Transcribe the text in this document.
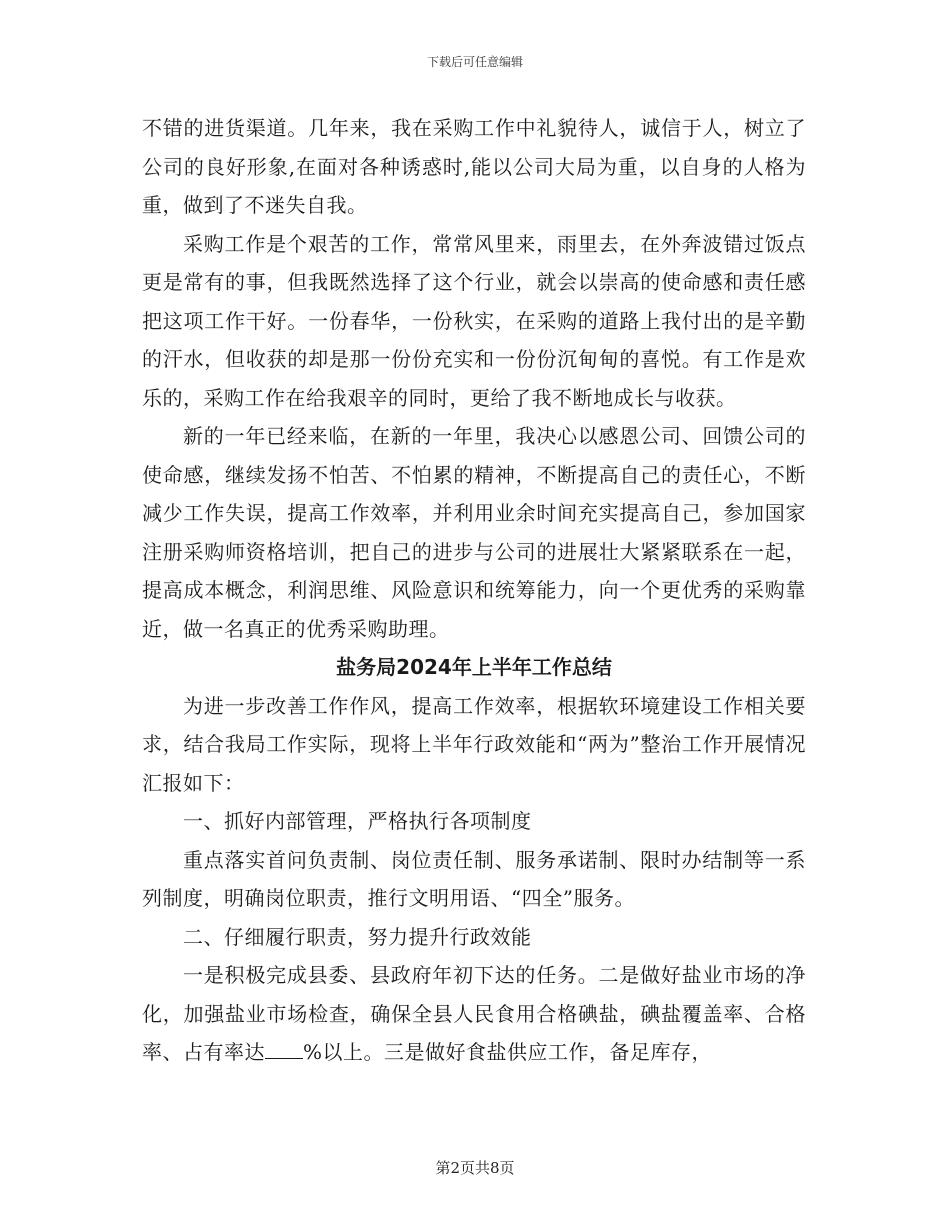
下载后可任意编辑

不错的进货渠道。几年来，我在采购工作中礼貌待人，诚信于人，树立了公司的良好形象,在面对各种诱惑时,能以公司大局为重，以自身的人格为重，做到了不迷失自我。

采购工作是个艰苦的工作，常常风里来，雨里去，在外奔波错过饭点更是常有的事，但我既然选择了这个行业，就会以崇高的使命感和责任感把这项工作干好。一份春华，一份秋实，在采购的道路上我付出的是辛勤的汗水，但收获的却是那一份份充实和一份份沉甸甸的喜悦。有工作是欢乐的，采购工作在给我艰辛的同时，更给了我不断地成长与收获。

新的一年已经来临，在新的一年里，我决心以感恩公司、回馈公司的使命感，继续发扬不怕苦、不怕累的精神，不断提高自己的责任心，不断减少工作失误，提高工作效率，并利用业余时间充实提高自己，参加国家注册采购师资格培训，把自己的进步与公司的进展壮大紧紧联系在一起，提高成本概念，利润思维、风险意识和统筹能力，向一个更优秀的采购靠近，做一名真正的优秀采购助理。

盐务局2024年上半年工作总结

为进一步改善工作作风，提高工作效率，根据软环境建设工作相关要求，结合我局工作实际，现将上半年行政效能和“两为”整治工作开展情况汇报如下：

一、抓好内部管理，严格执行各项制度

重点落实首问负责制、岗位责任制、服务承诺制、限时办结制等一系列制度，明确岗位职责，推行文明用语、“四全”服务。

二、仔细履行职责，努力提升行政效能

一是积极完成县委、县政府年初下达的任务。二是做好盐业市场的净化，加强盐业市场检查，确保全县人民食用合格碘盐，碘盐覆盖率、合格率、占有率达 %以上。三是做好食盐供应工作，备足库存，

第2页共8页
